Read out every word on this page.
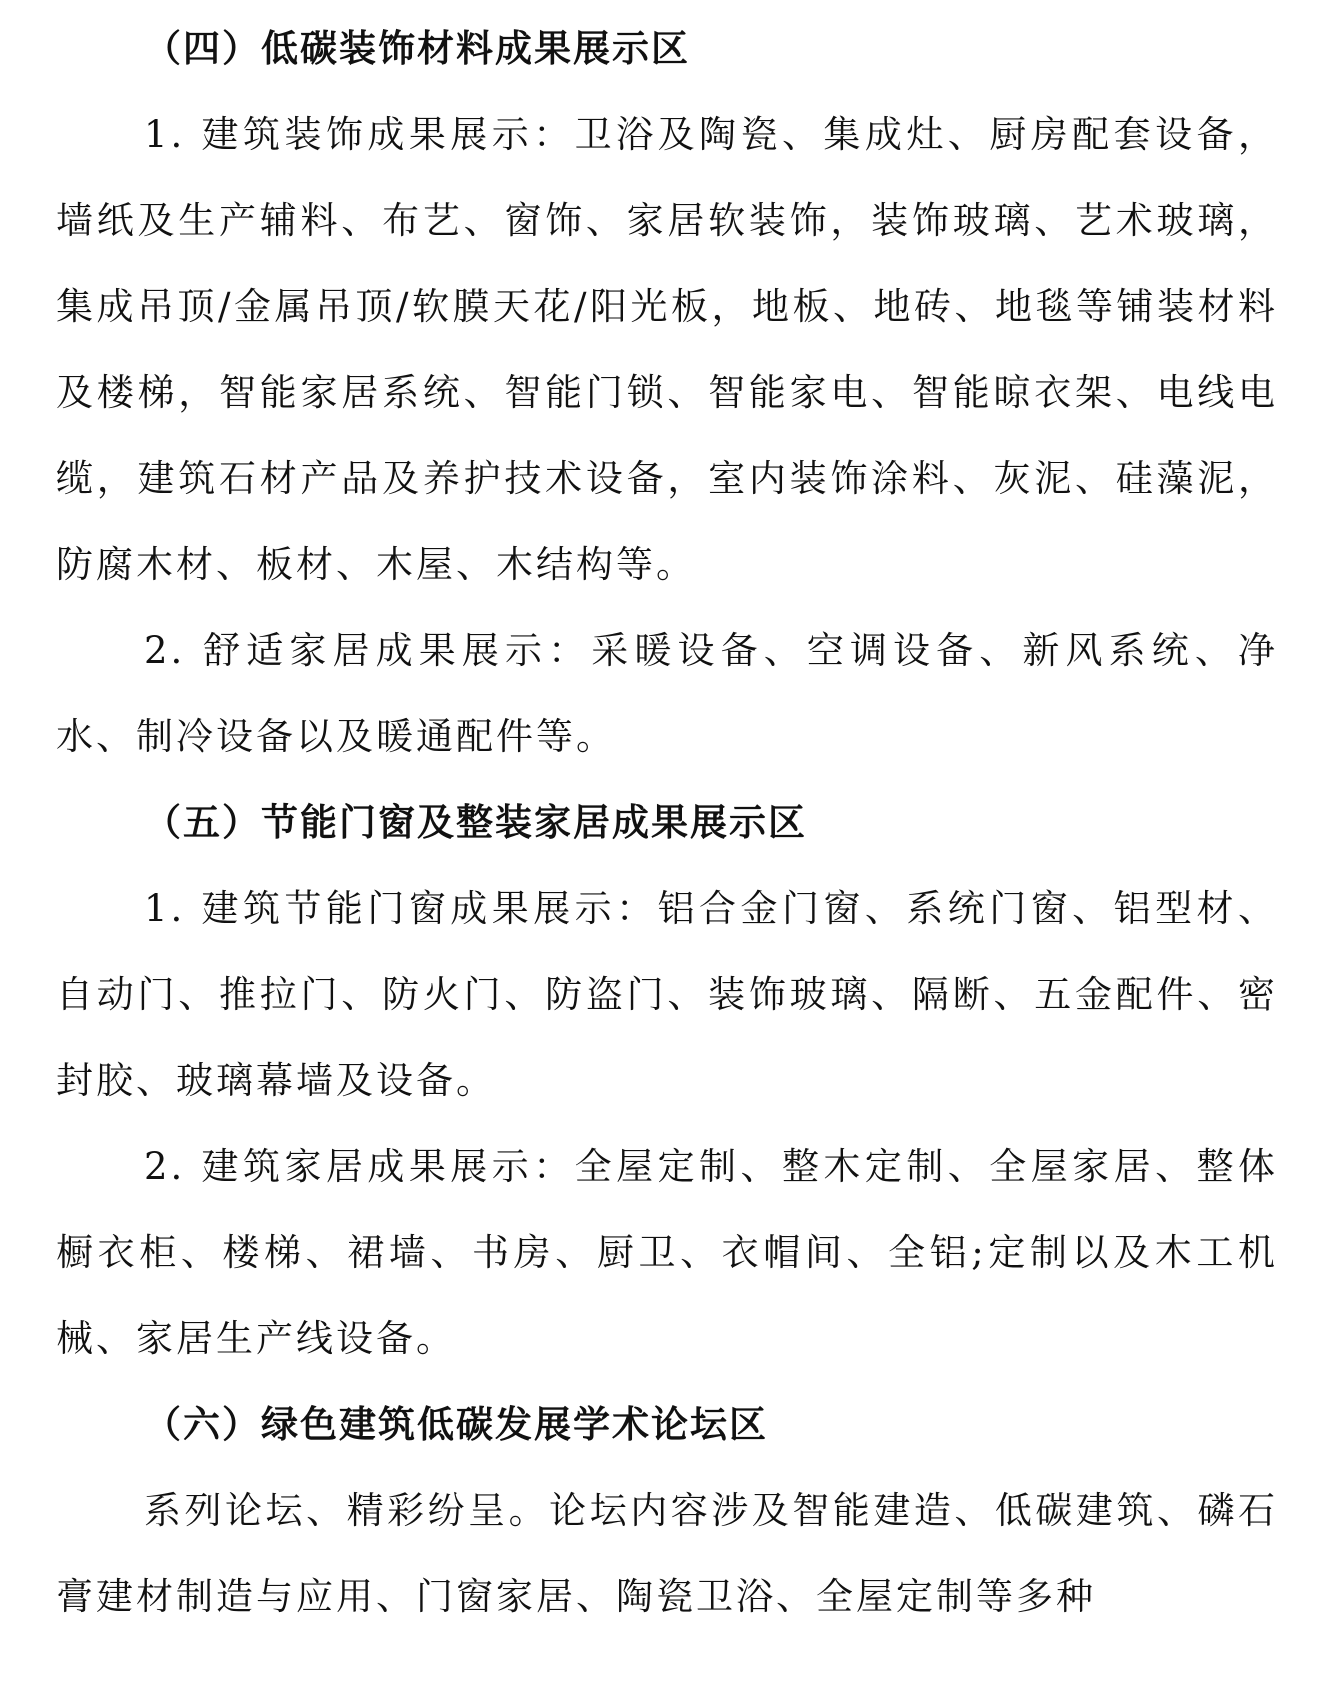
（四）低碳装饰材料成果展示区

1. 建筑装饰成果展示：卫浴及陶瓷、集成灶、厨房配套设备，墙纸及生产辅料、布艺、窗饰、家居软装饰，装饰玻璃、艺术玻璃，集成吊顶/金属吊顶/软膜天花/阳光板，地板、地砖、地毯等铺装材料及楼梯，智能家居系统、智能门锁、智能家电、智能晾衣架、电线电缆，建筑石材产品及养护技术设备，室内装饰涂料、灰泥、硅藻泥，防腐木材、板材、木屋、木结构等。

2. 舒适家居成果展示：采暖设备、空调设备、新风系统、净水、制冷设备以及暖通配件等。

（五）节能门窗及整装家居成果展示区

1. 建筑节能门窗成果展示：铝合金门窗、系统门窗、铝型材、自动门、推拉门、防火门、防盗门、装饰玻璃、隔断、五金配件、密封胶、玻璃幕墙及设备。

2. 建筑家居成果展示：全屋定制、整木定制、全屋家居、整体橱衣柜、楼梯、裙墙、书房、厨卫、衣帽间、全铝;定制以及木工机械、家居生产线设备。

（六）绿色建筑低碳发展学术论坛区

系列论坛、精彩纷呈。论坛内容涉及智能建造、低碳建筑、磷石膏建材制造与应用、门窗家居、陶瓷卫浴、全屋定制等多种
